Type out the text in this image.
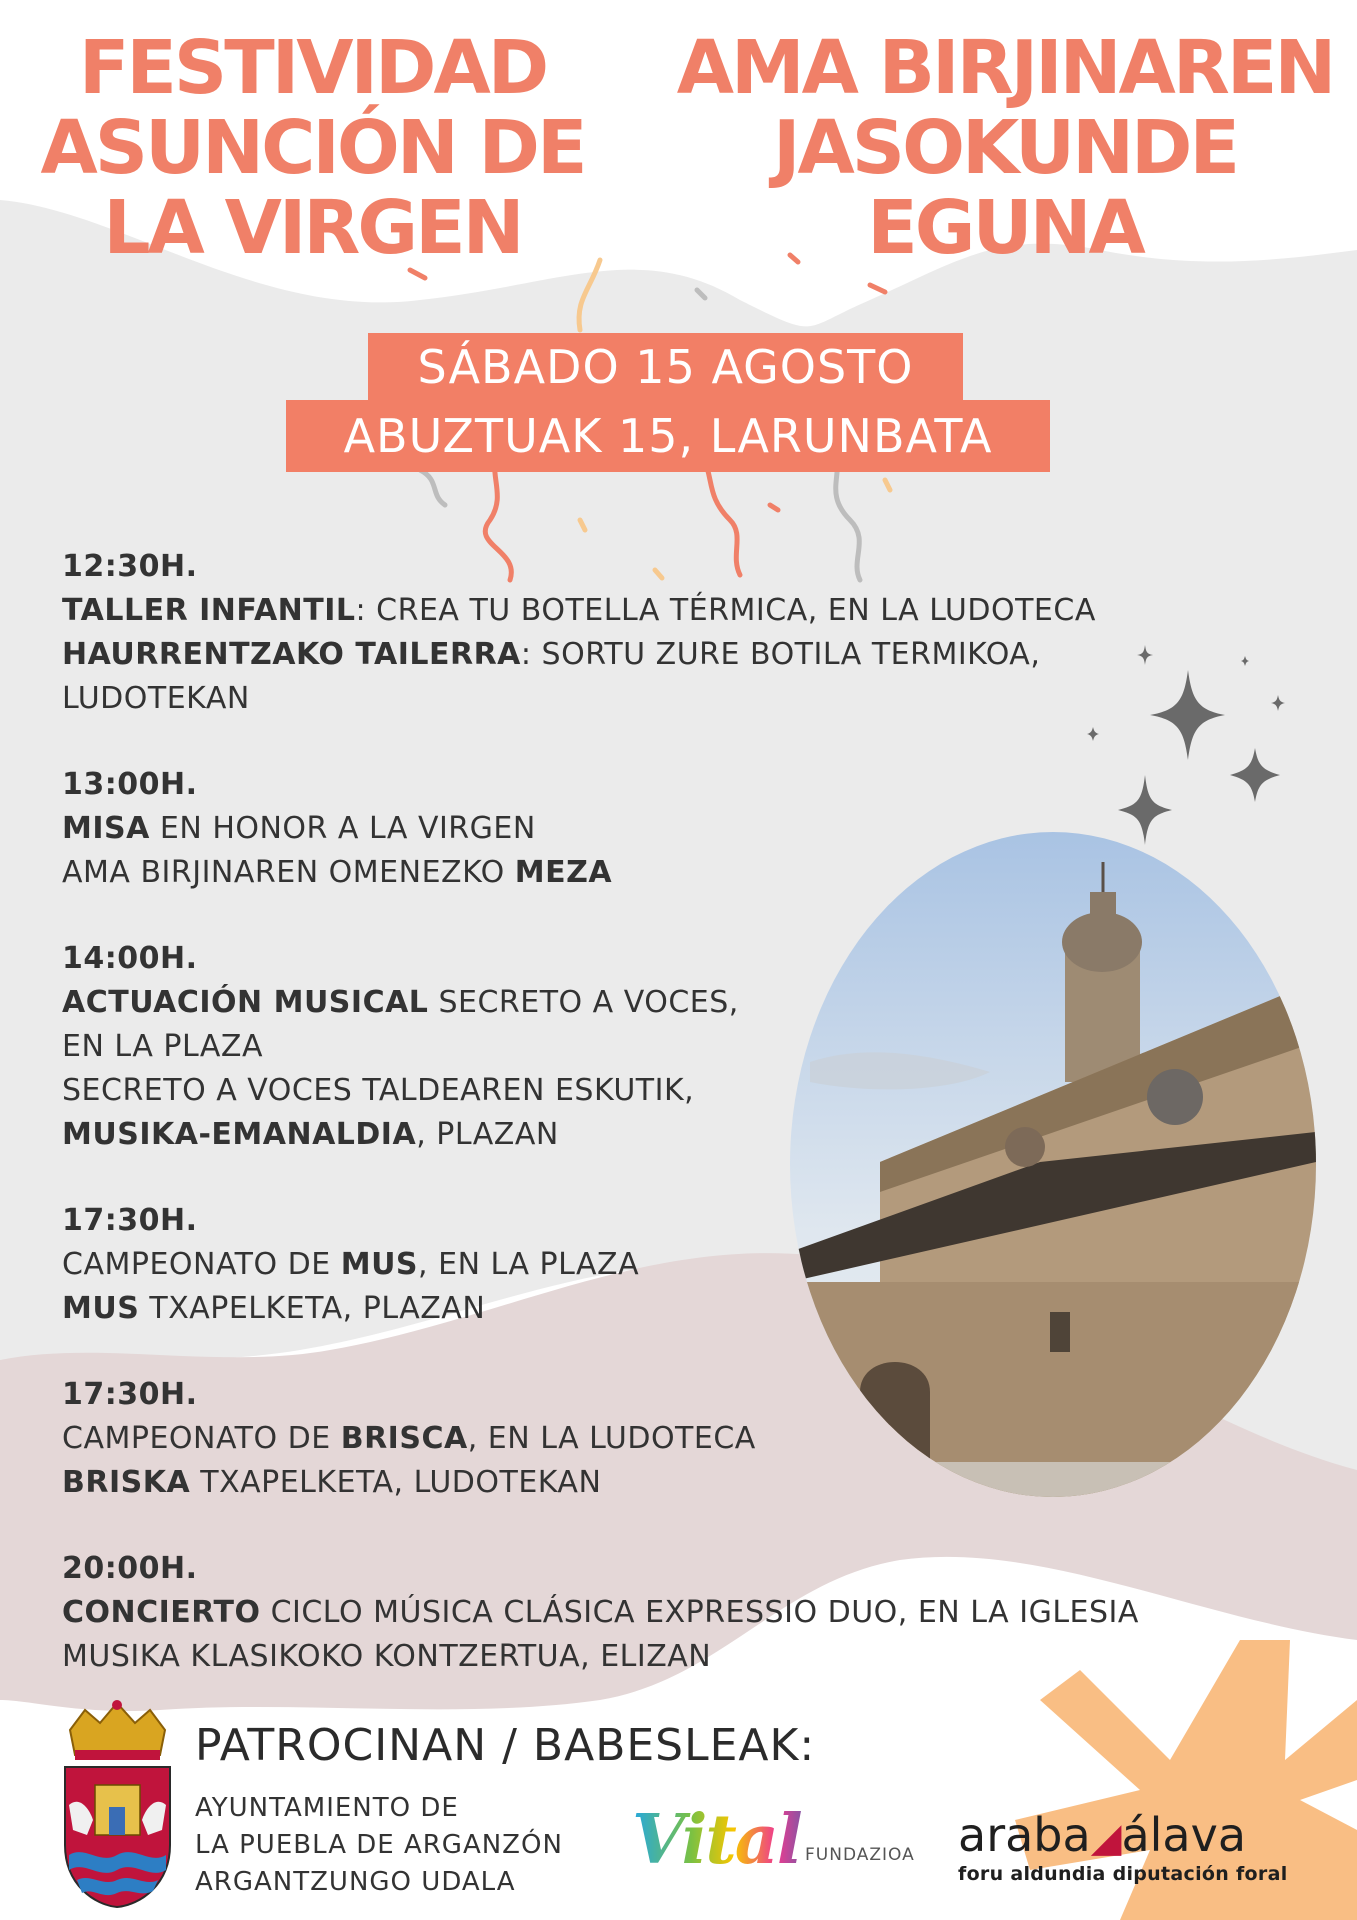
FESTIVIDAD
ASUNCIÓN DE
LA VIRGEN
AMA BIRJINAREN
JASOKUNDE
EGUNA
SÁBADO 15 AGOSTO
ABUZTUAK 15, LARUNBATA

12:30H.

TALLER INFANTIL: CREA TU BOTELLA TÉRMICA, EN LA LUDOTECA

HAURRENTZAKO TAILERRA: SORTU ZURE BOTILA TERMIKOA,

LUDOTEKAN

13:00H.

MISA EN HONOR A LA VIRGEN

AMA BIRJINAREN OMENEZKO MEZA

14:00H.

ACTUACIÓN MUSICAL SECRETO A VOCES,

EN LA PLAZA

SECRETO A VOCES TALDEAREN ESKUTIK,

MUSIKA-EMANALDIA, PLAZAN

17:30H.

CAMPEONATO DE MUS, EN LA PLAZA

MUS TXAPELKETA, PLAZAN

17:30H.

CAMPEONATO DE BRISCA, EN LA LUDOTECA

BRISKA TXAPELKETA, LUDOTEKAN

20:00H.

CONCIERTO CICLO MÚSICA CLÁSICA EXPRESSIO DUO, EN LA IGLESIA

MUSIKA KLASIKOKO KONTZERTUA, ELIZAN

PATROCINAN / BABESLEAK:

AYUNTAMIENTO DE
LA PUEBLA DE ARGANZÓN
ARGANTZUNGO UDALA
Vital FUNDAZIOA araba◢álava
foru aldundia diputación foral
